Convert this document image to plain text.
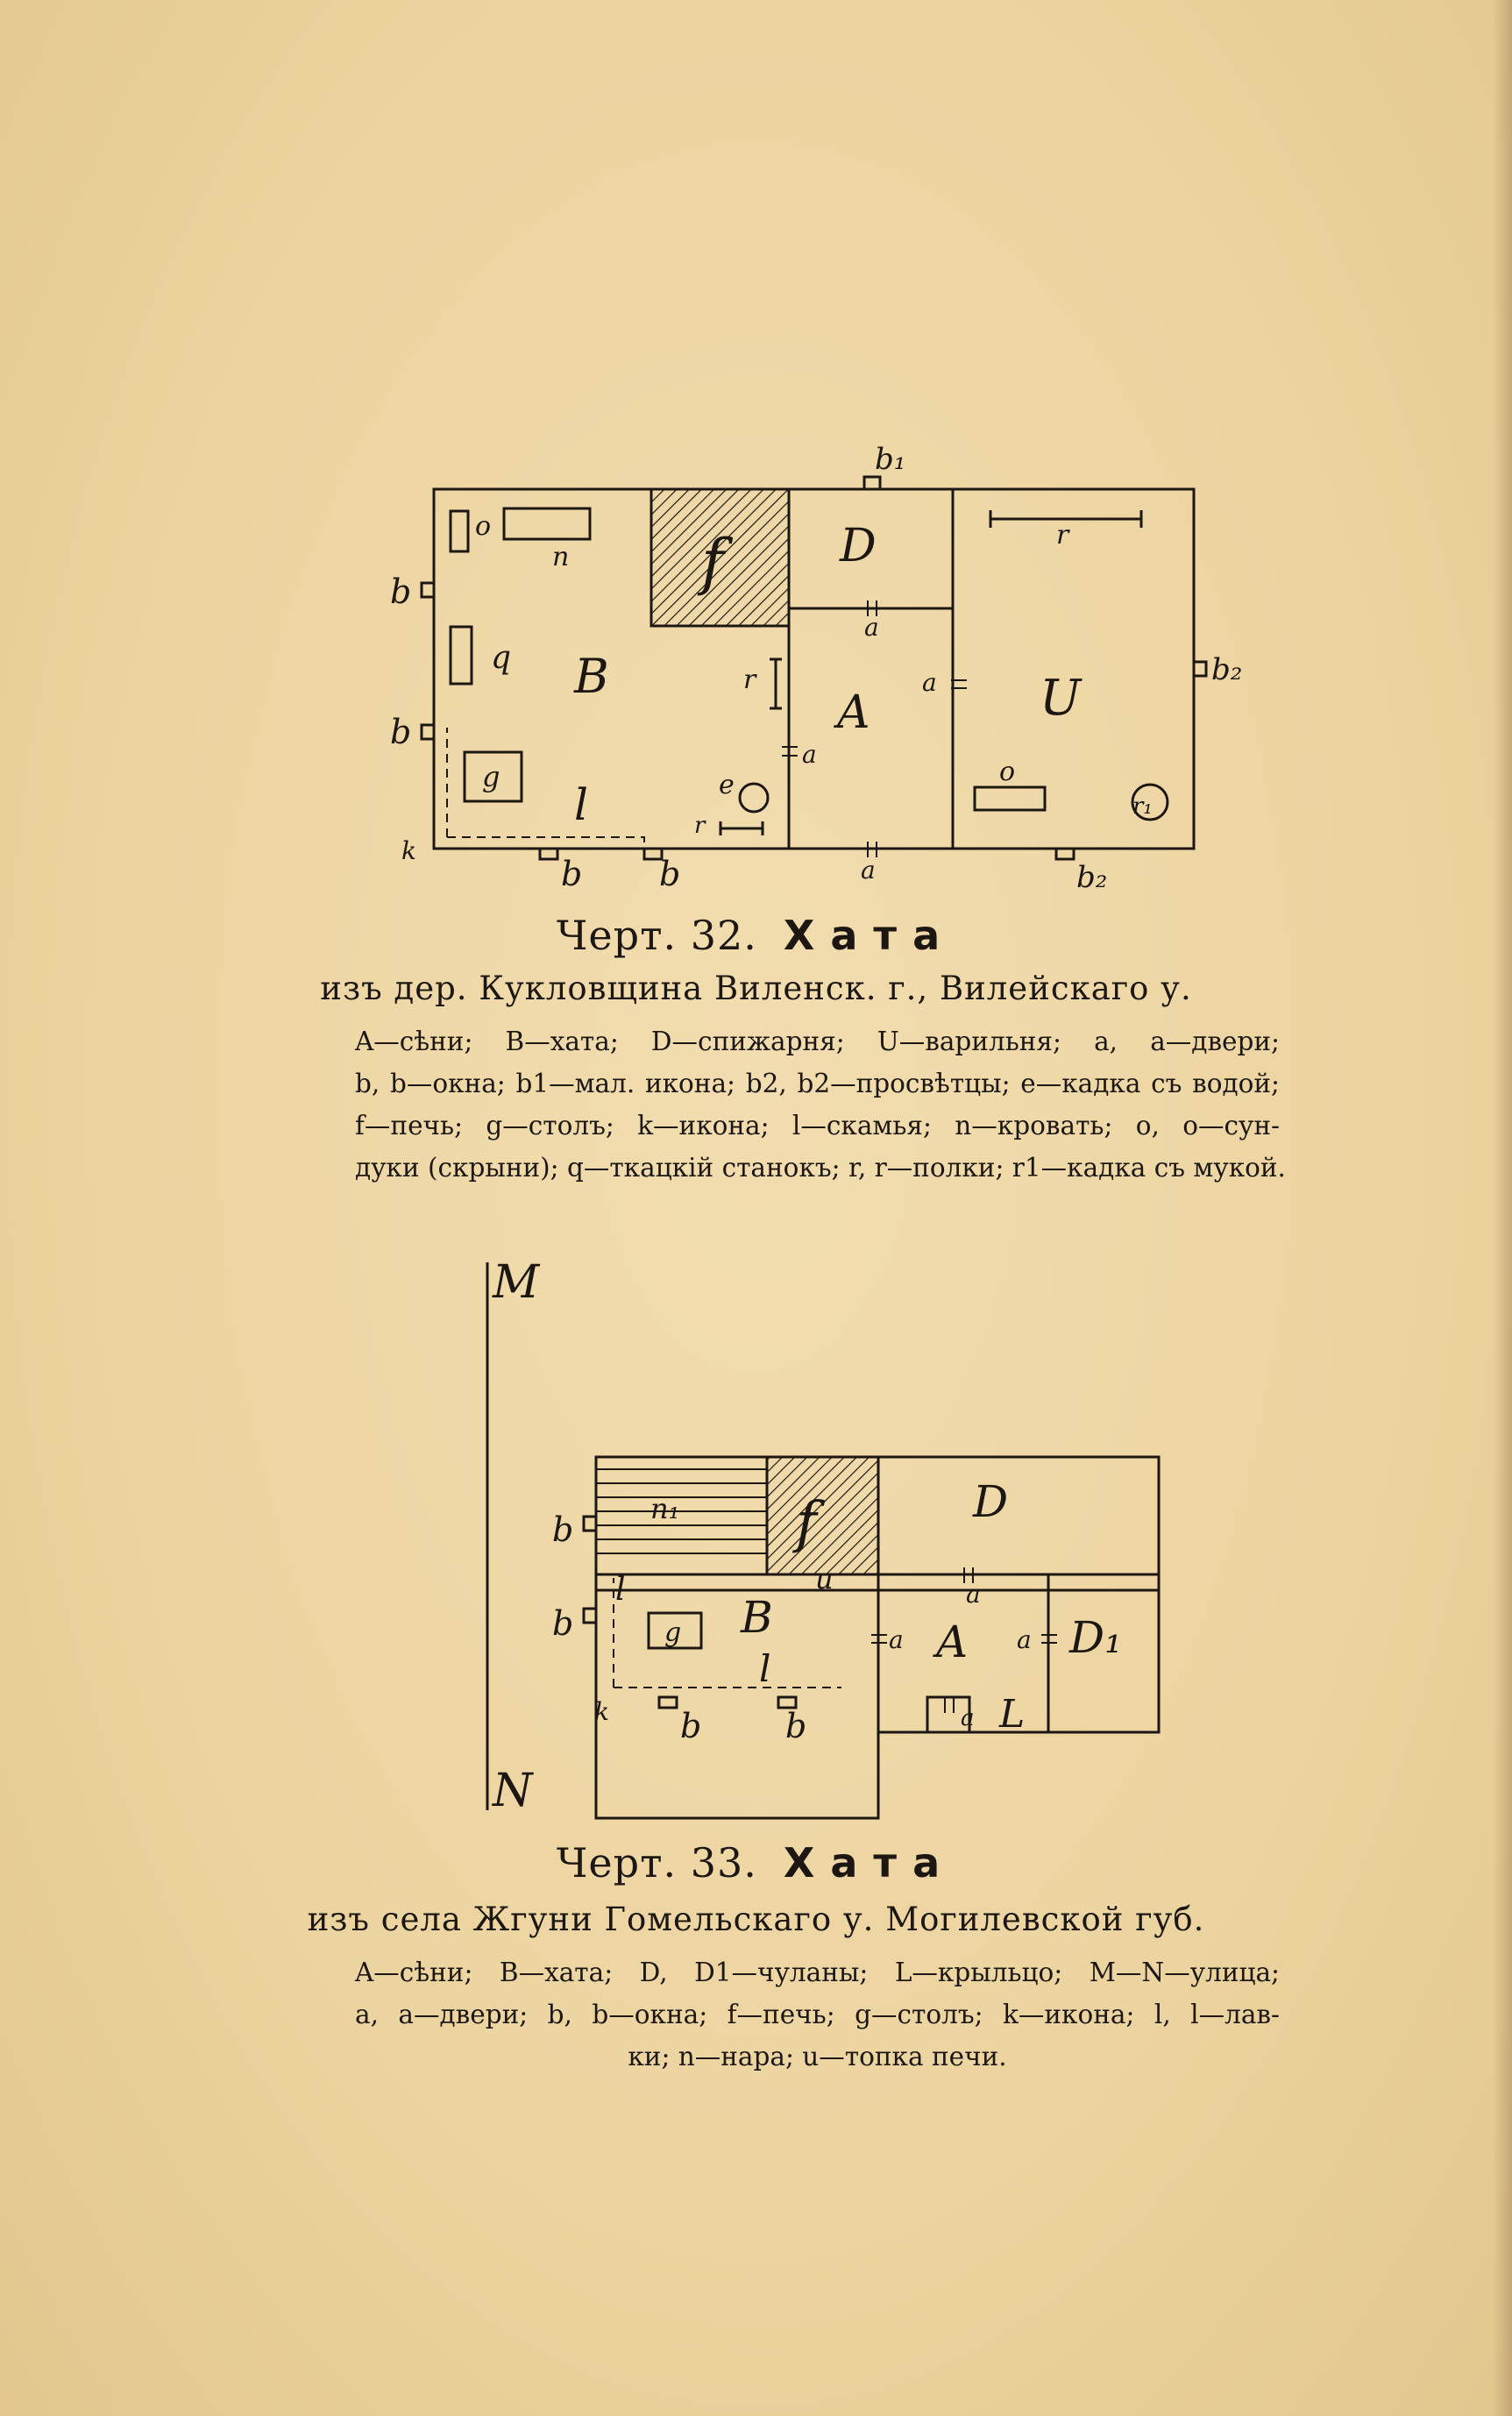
B
D
A	U
f
o
n
q
g
l	e
r
r
r
r₁
o
b
b
b b
b₁
b₂
b₂
k
a
a
a
a
Черт. 32. Хата
изъ дер. Кукловщина Виленск. г., Вилейскаго у.
A—сѣни; B—хата; D—спижарня; U—варильня; a, a—двери;
b, b—окна; b1—мал. икона; b2, b2—просвѣтцы; e—кадка съ водой;
f—печь; g—столъ; k—икона; l—скамья; n—кровать; o, o—сун-
дуки (скрыни); q—ткацкій станокъ; r, r—полки; r1—кадка съ мукой.
M
N
D
D₁
A
B
f
n₁
g
l
l
u
L
b
b
b	b
k
a
a	a
a
Черт. 33. Хата
изъ села Жгуни Гомельскаго у. Могилевской губ.
A—сѣни; B—хата; D, D1—чуланы; L—крыльцо; M—N—улица;
a, a—двери; b, b—окна; f—печь; g—столъ; k—икона; l, l—лав-
ки; n—нара; u—топка печи.
